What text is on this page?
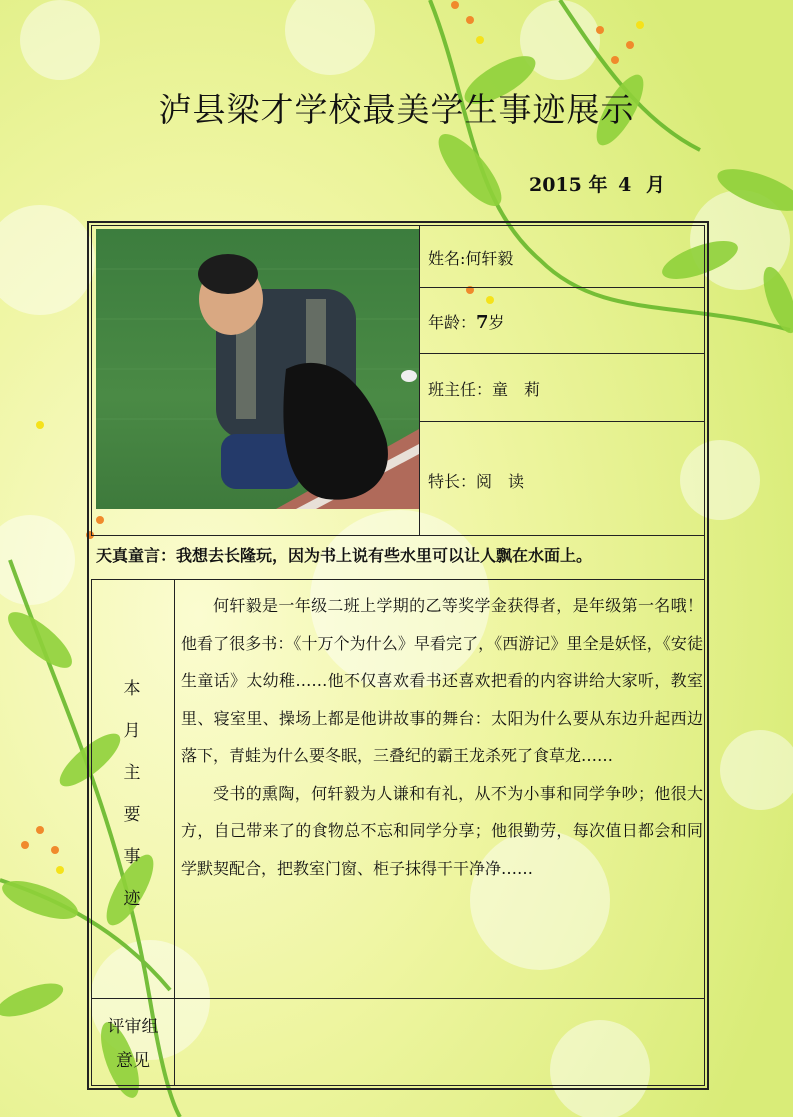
泸县梁才学校最美学生事迹展示
2015 年 4 月
姓名:何轩毅
年龄：7岁
班主任：童　莉
特长：阅　读
天真童言：我想去长隆玩，因为书上说有些水里可以让人飘在水面上。
本
月
主
要
事
迹

何轩毅是一年级二班上学期的乙等奖学金获得者，是年级第一名哦！他看了很多书：《十万个为什么》早看完了，《西游记》里全是妖怪，《安徒生童话》太幼稚……他不仅喜欢看书还喜欢把看的内容讲给大家听，教室里、寝室里、操场上都是他讲故事的舞台：太阳为什么要从东边升起西边落下，青蛙为什么要冬眠，三叠纪的霸王龙杀死了食草龙……

受书的熏陶，何轩毅为人谦和有礼，从不为小事和同学争吵；他很大方，自己带来了的食物总不忘和同学分享；他很勤劳，每次值日都会和同学默契配合，把教室门窗、柜子抹得干干净净……

评审组
意见
